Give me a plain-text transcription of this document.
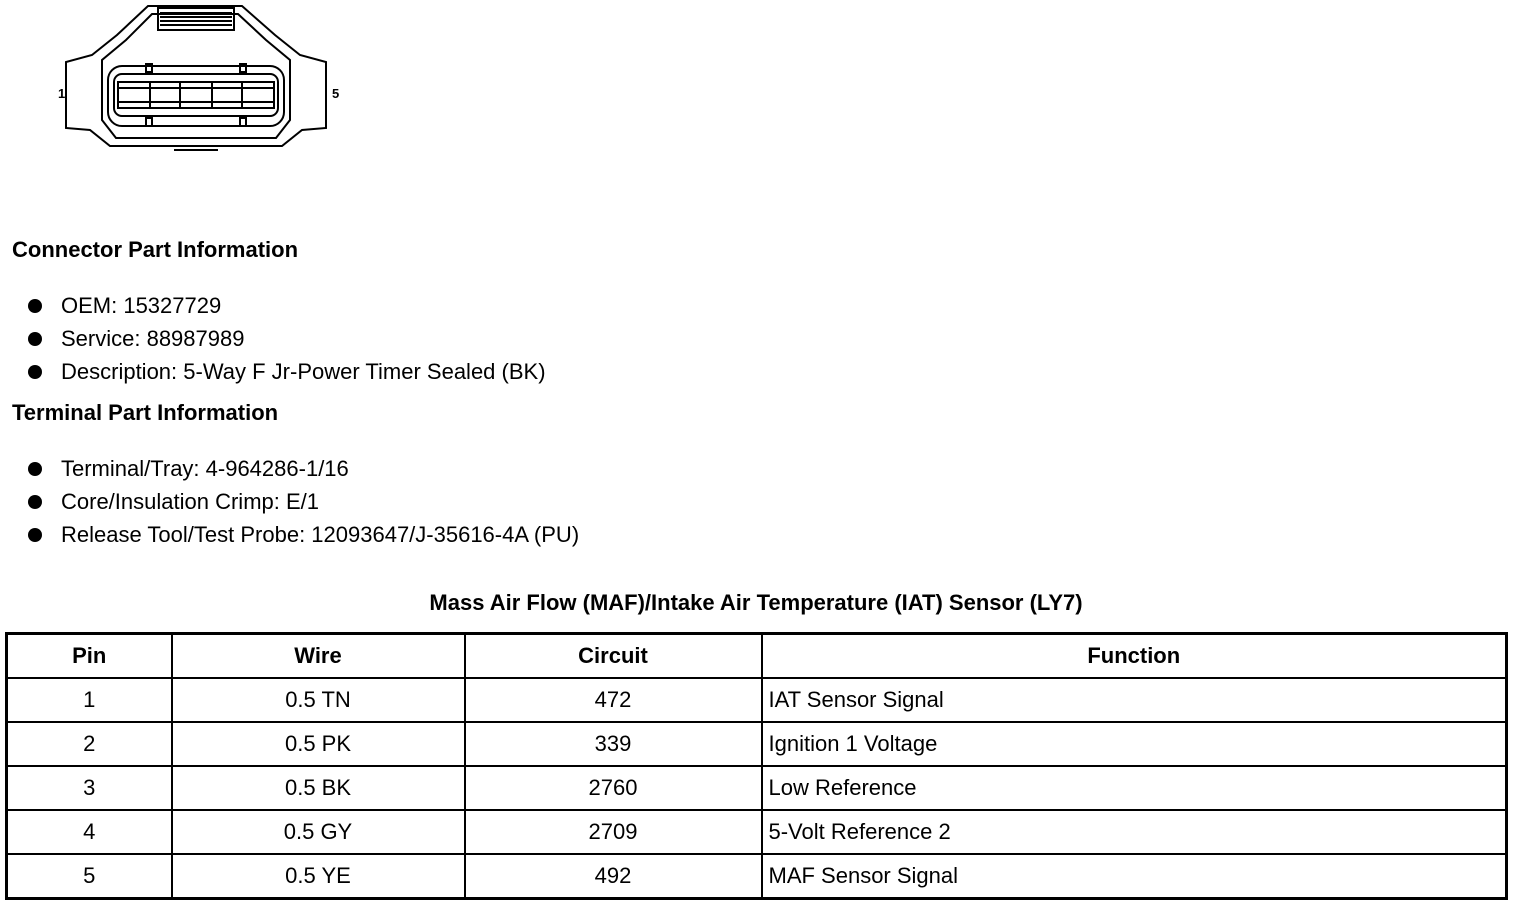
1	5
Connector Part Information
OEM: 15327729
Service: 88987989
Description: 5-Way F Jr-Power Timer Sealed (BK)
Terminal Part Information
Terminal/Tray: 4-964286-1/16
Core/Insulation Crimp: E/1
Release Tool/Test Probe: 12093647/J-35616-4A (PU)
Mass Air Flow (MAF)/Intake Air Temperature (IAT) Sensor (LY7)
Pin	Wire	Circuit	Function
1	0.5 TN	472	IAT Sensor Signal
2	0.5 PK	339	Ignition 1 Voltage
3	0.5 BK	2760	Low Reference
4	0.5 GY	2709	5-Volt Reference 2
5	0.5 YE	492	MAF Sensor Signal
